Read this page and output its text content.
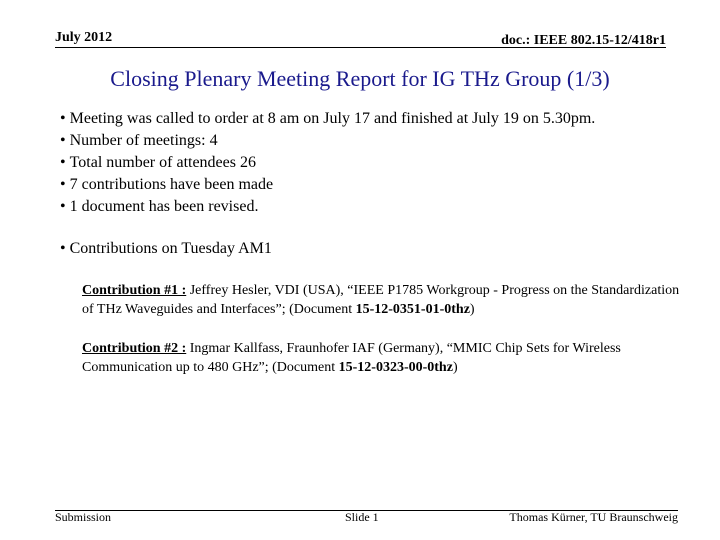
July 2012	doc.: IEEE 802.15-12/418r1
Closing Plenary Meeting Report for IG THz Group (1/3)
• Meeting was called to order at 8 am on July 17 and finished at July 19 on 5.30pm.
• Number of meetings: 4
• Total number of attendees 26
• 7 contributions have been made
• 1 document has been revised.
• Contributions on Tuesday AM1
Contribution #1 : Jeffrey Hesler, VDI (USA), “IEEE P1785 Workgroup - Progress on the Standardization of THz Waveguides and Interfaces”; (Document 15-12-0351-01-0thz)
Contribution #2 : Ingmar Kallfass, Fraunhofer IAF (Germany), “MMIC Chip Sets for Wireless Communication up to 480 GHz”; (Document 15-12-0323-00-0thz)
Submission	Slide 1	Thomas Kürner, TU Braunschweig
